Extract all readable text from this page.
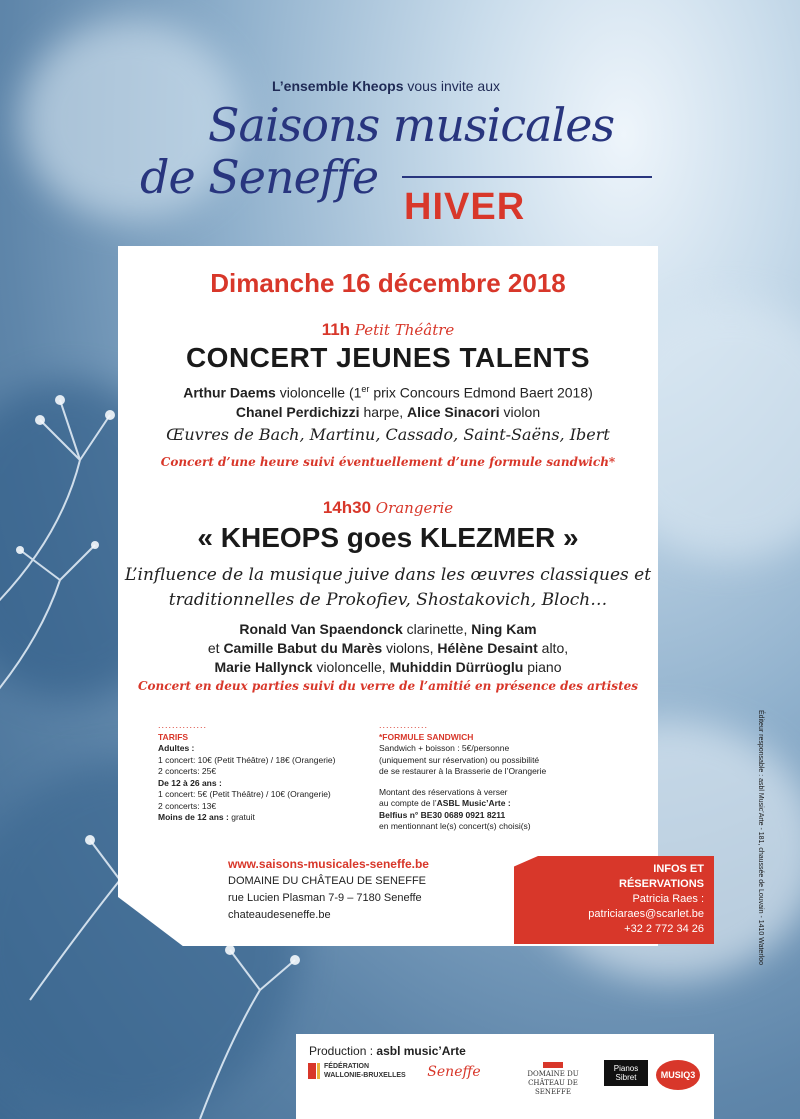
L’ensemble Kheops vous invite aux
Saisons musicales
de Seneffe
HIVER
Dimanche 16 décembre 2018
11h Petit Théâtre
CONCERT JEUNES TALENTS
Arthur Daems violoncelle (1er prix Concours Edmond Baert 2018)
Chanel Perdichizzi harpe, Alice Sinacori violon
Œuvres de Bach, Martinu, Cassado, Saint-Saëns, Ibert
Concert d’une heure suivi éventuellement d’une formule sandwich*
14h30 Orangerie
« KHEOPS goes KLEZMER »
L’influence de la musique juive dans les œuvres classiques et
traditionnelles de Prokofiev, Shostakovich, Bloch…
Ronald Van Spaendonck clarinette, Ning Kam
et Camille Babut du Marès violons, Hélène Desaint alto,
Marie Hallynck violoncelle, Muhiddin Dürrüoglu piano
Concert en deux parties suivi du verre de l’amitié en présence des artistes
..............
TARIFS
Adultes :
1 concert: 10€ (Petit Théâtre) / 18€ (Orangerie)
2 concerts: 25€
De 12 à 26 ans :
1 concert: 5€ (Petit Théâtre) / 10€ (Orangerie)
2 concerts: 13€
Moins de 12 ans : gratuit
..............
*FORMULE SANDWICH
Sandwich + boisson : 5€/personne
(uniquement sur réservation) ou possibilité
de se restaurer à la Brasserie de l’Orangerie
Montant des réservations à verser
au compte de l’ASBL Music’Arte :
Belfius n° BE30 0689 0921 8211
en mentionnant le(s) concert(s) choisi(s)
www.saisons-musicales-seneffe.be
DOMAINE DU CHÂTEAU DE SENEFFE
rue Lucien Plasman 7-9 – 7180 Seneffe
chateaudeseneffe.be
INFOS ET
RÉSERVATIONS
Patricia Raes :
patriciaraes@scarlet.be
+32 2 772 34 26	Éditeur responsable : asbl Music’Arte - 181, chaussée de Louvain - 1410 Waterloo
Production : asbl music’Arte
FÉDÉRATION WALLONIE-BRUXELLES	Seneffe	DOMAINE DU CHÂTEAU DE SENEFFE
Pianos Sibret	MUSIQ3
